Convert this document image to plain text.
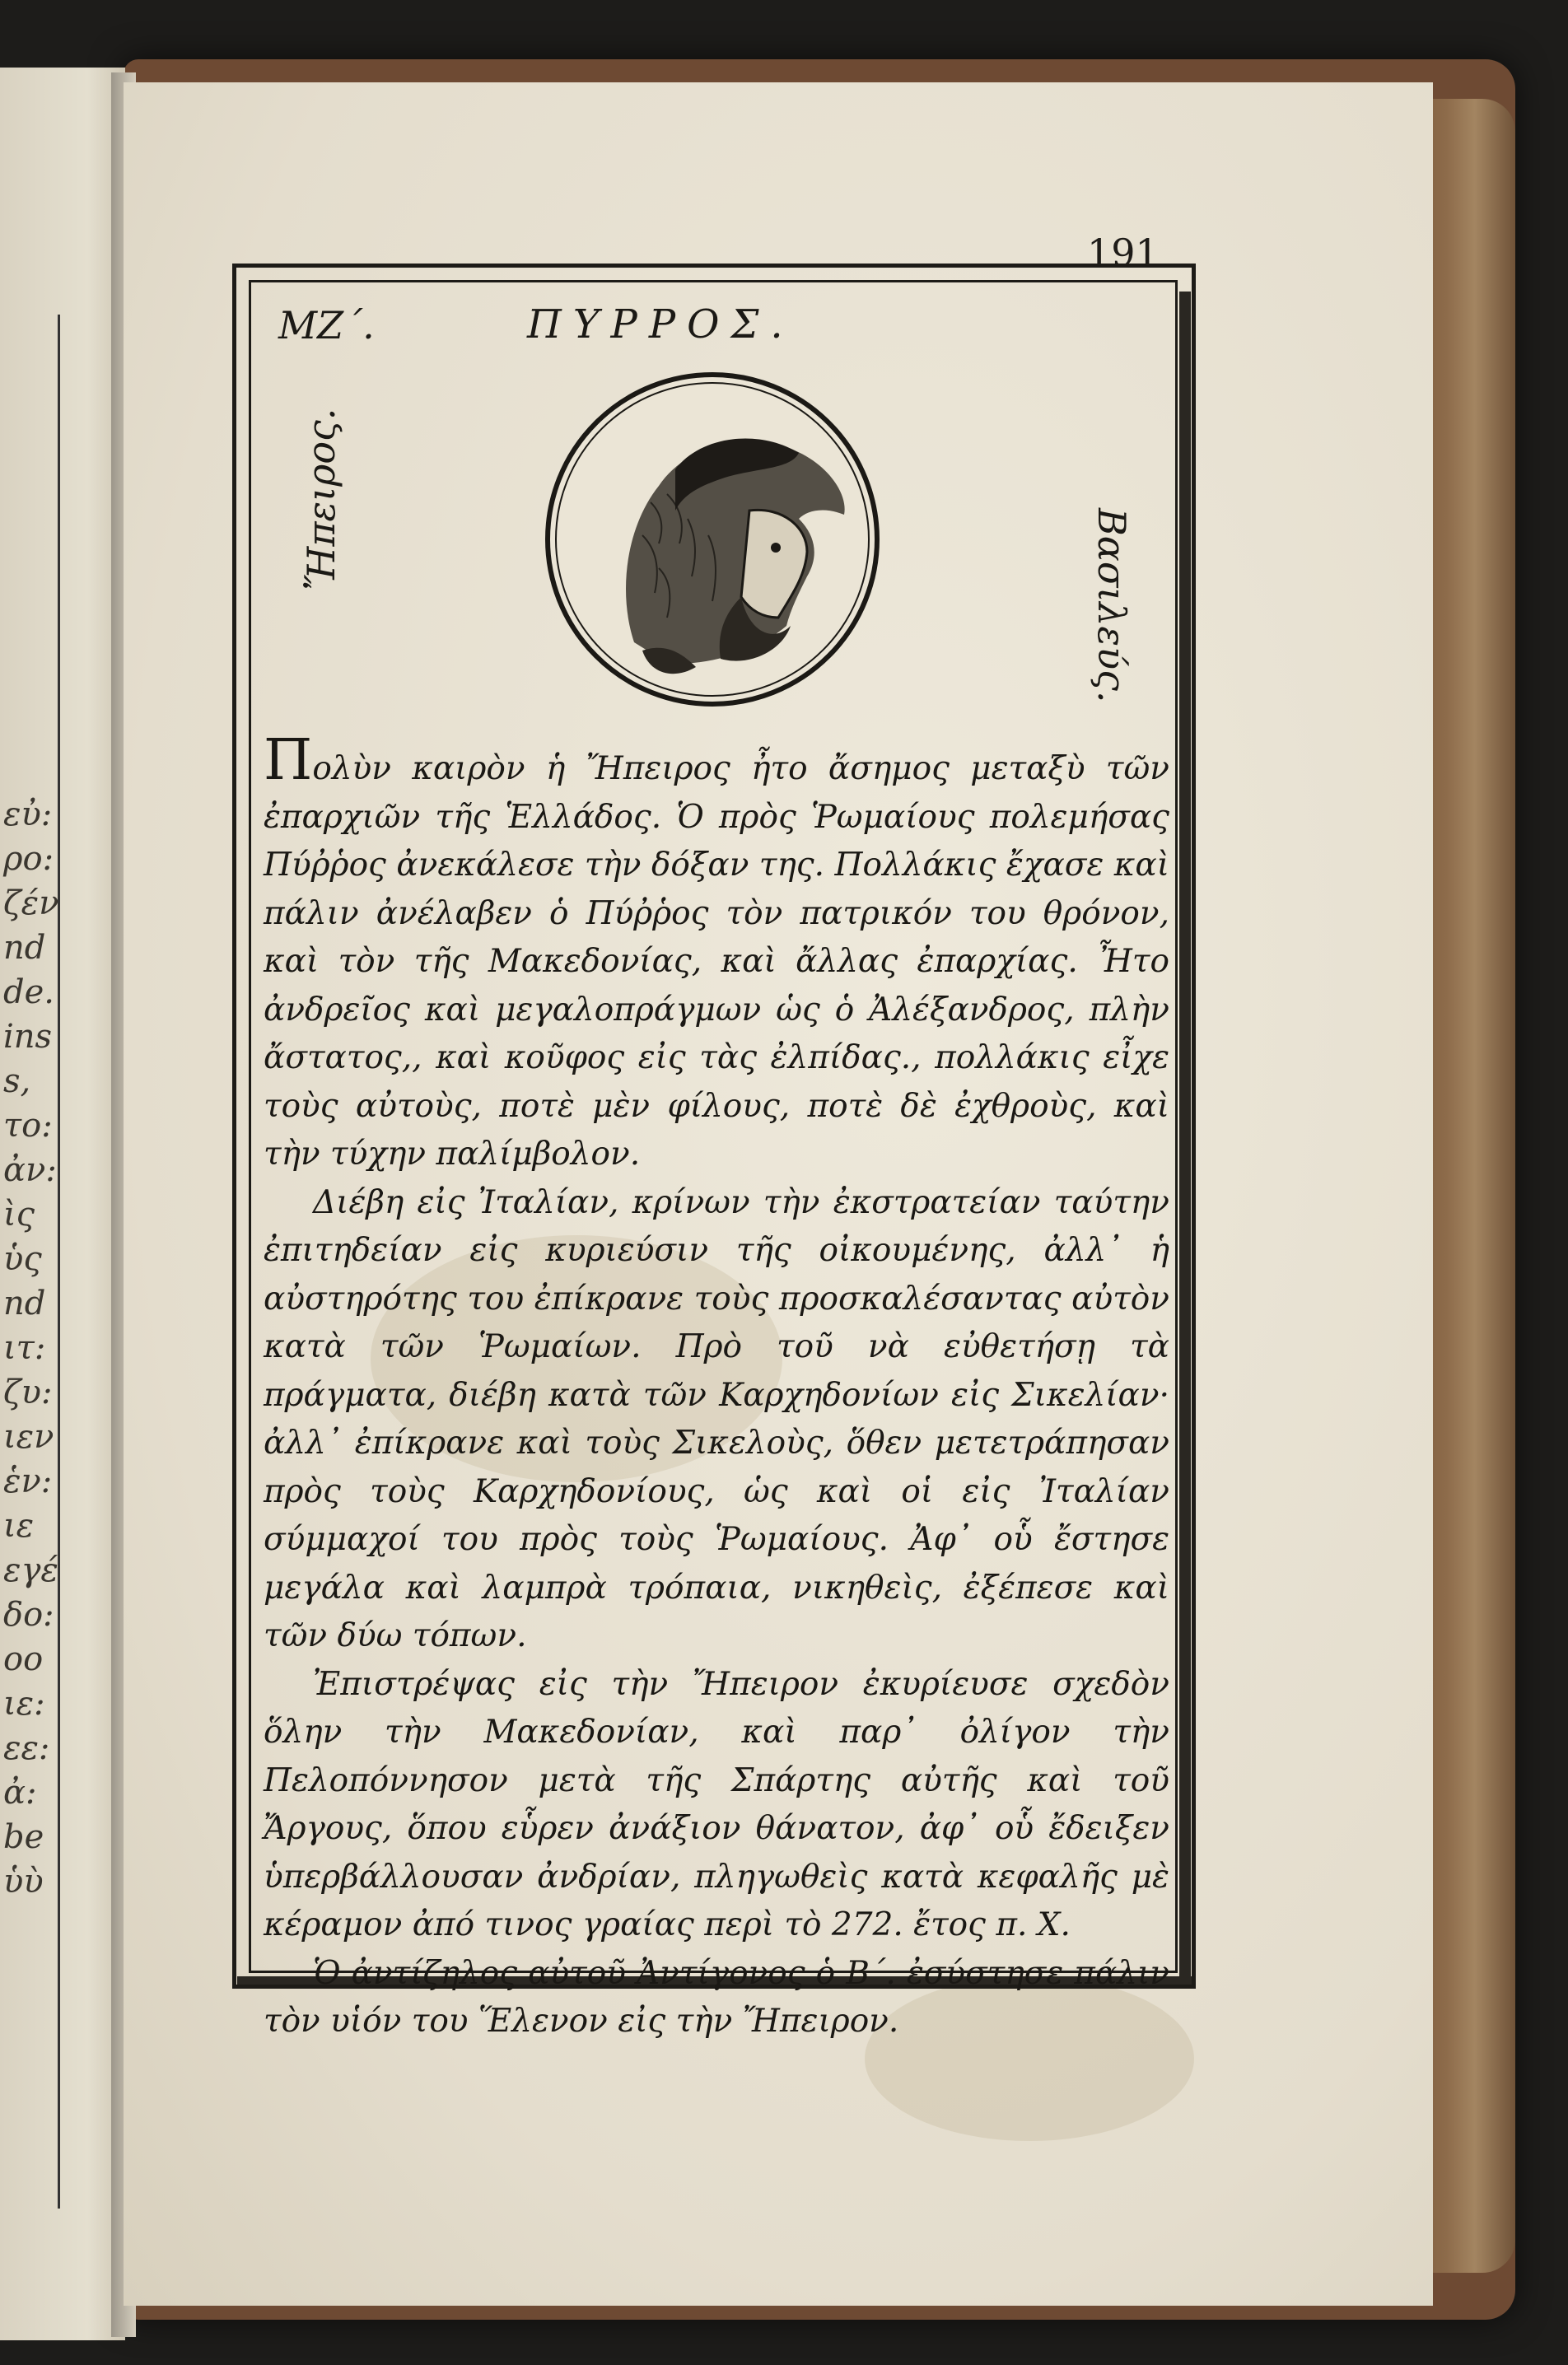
εὐ:
ρο:
ζέν
nd
de.
ins
s,
το:
ἀν:
ὶς
ὑς
nd
ιτ:
ζυ:
ιεν
ἑν:
ιε
εγέ
δο:
οο
ιε:
εε:
ἀ:
be
ὑὺ
191
ΜΖ΄.	ΠΥΡΡΟΣ.
Ἤπειρος.
Βασιλεύς.

Πολὺν καιρὸν ἡ Ἤπειρος ἦτο ἄσημος μεταξὺ τῶν ἐπαρχιῶν τῆς Ἑλλάδος. Ὁ πρὸς Ῥωμαίους πολεμήσας Πύῤῥος ἀνεκάλεσε τὴν δόξαν της. Πολλάκις ἔχασε καὶ πάλιν ἀνέλαβεν ὁ Πύῤῥος τὸν πατρικόν του θρόνον, καὶ τὸν τῆς Μακεδονίας, καὶ ἄλλας ἐπαρχίας. Ἦτο ἀνδρεῖος καὶ μεγαλοπράγμων ὡς ὁ Ἀλέξανδρος, πλὴν ἄστατος,, καὶ κοῦφος εἰς τὰς ἐλπίδας., πολλάκις εἶχε τοὺς αὐτοὺς, ποτὲ μὲν φίλους, ποτὲ δὲ ἐχθροὺς, καὶ τὴν τύχην παλίμβολον.

Διέβη εἰς Ἰταλίαν, κρίνων τὴν ἐκστρατείαν ταύτην ἐπιτηδείαν εἰς κυριεύσιν τῆς οἰκουμένης, ἀλλ᾽ ἡ αὐστηρότης του ἐπίκρανε τοὺς προσκαλέσαντας αὐτὸν κατὰ τῶν Ῥωμαίων. Πρὸ τοῦ νὰ εὐθετήσῃ τὰ πράγματα, διέβη κατὰ τῶν Καρχηδονίων εἰς Σικελίαν· ἀλλ᾽ ἐπίκρανε καὶ τοὺς Σικελοὺς, ὅθεν μετετράπησαν πρὸς τοὺς Καρχηδονίους, ὡς καὶ οἱ εἰς Ἰταλίαν σύμμαχοί του πρὸς τοὺς Ῥωμαίους. Ἀφ᾽ οὗ ἔστησε μεγάλα καὶ λαμπρὰ τρόπαια, νικηθεὶς, ἐξέπεσε καὶ τῶν δύω τόπων.

Ἐπιστρέψας εἰς τὴν Ἤπειρον ἐκυρίευσε σχεδὸν ὅλην τὴν Μακεδονίαν, καὶ παρ᾽ ὀλίγον τὴν Πελοπόννησον μετὰ τῆς Σπάρτης αὐτῆς καὶ τοῦ Ἄργους, ὅπου εὗρεν ἀνάξιον θάνατον, ἀφ᾽ οὗ ἔδειξεν ὑπερβάλλουσαν ἀνδρίαν, πληγωθεὶς κατὰ κεφαλῆς μὲ κέραμον ἀπό τινος γραίας περὶ τὸ 272. ἔτος π. Χ.

Ὁ ἀντίζηλος αὐτοῦ Ἀντίγονος ὁ Β΄. ἐσύστησε πάλιν τὸν υἱόν του Ἕλενον εἰς τὴν Ἤπειρον.
